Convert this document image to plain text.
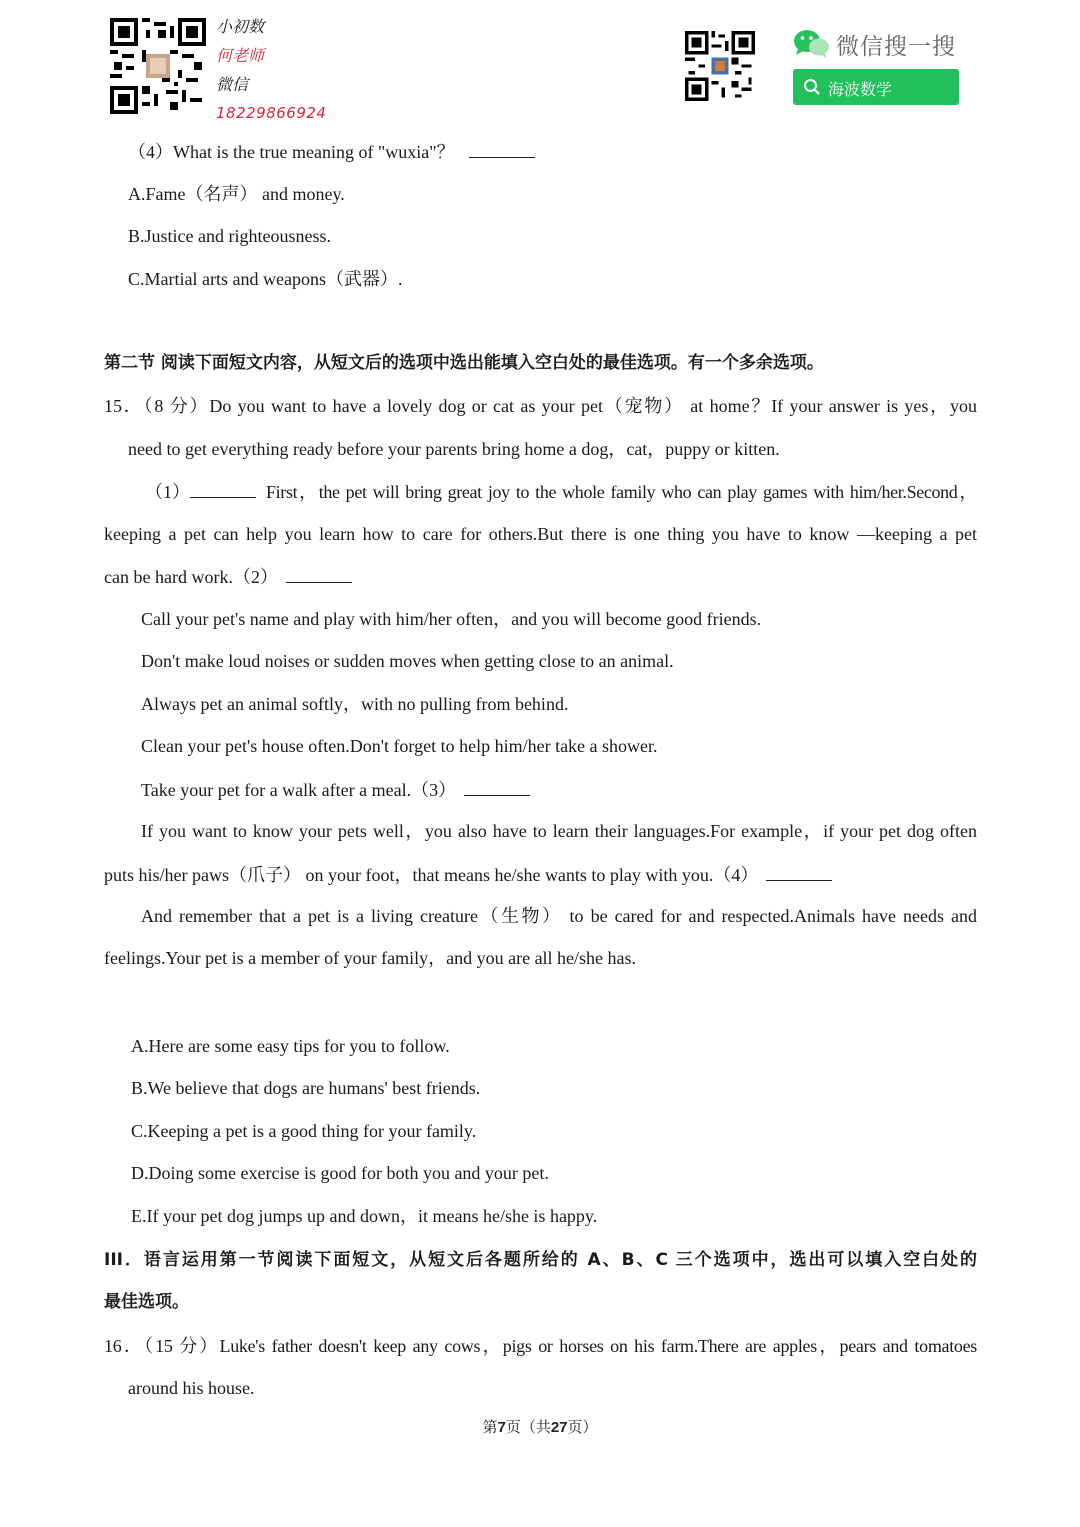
小初数
何老师
微信
18229866924
微信搜一搜
海波数学
（4）What is the true meaning of "wuxia"？
A.Fame（名声） and money.
B.Justice and righteousness.
C.Martial arts and weapons（武器）.
第二节 阅读下面短文内容，从短文后的选项中选出能填入空白处的最佳选项。有一个多余选项。
15．（8 分）Do you want to have a lovely dog or cat as your pet（宠物） at home？If your answer is yes，you
need to get everything ready before your parents bring home a dog，cat，puppy or kitten.
（1）	First，the pet will bring great joy to the whole family who can play games with him/her.Second，
keeping a pet can help you learn how to care for others.But there is one thing you have to know —keeping a pet
can be hard work.（2）
Call your pet's name and play with him/her often，and you will become good friends.
Don't make loud noises or sudden moves when getting close to an animal.
Always pet an animal softly，with no pulling from behind.
Clean your pet's house often.Don't forget to help him/her take a shower.
Take your pet for a walk after a meal.（3）
If you want to know your pets well，you also have to learn their languages.For example，if your pet dog often
puts his/her paws（爪子） on your foot，that means he/she wants to play with you.（4）
And remember that a pet is a living creature（生物） to be cared for and respected.Animals have needs and
feelings.Your pet is a member of your family，and you are all he/she has.
A.Here are some easy tips for you to follow.
B.We believe that dogs are humans' best friends.
C.Keeping a pet is a good thing for your family.
D.Doing some exercise is good for both you and your pet.
E.If your pet dog jumps up and down，it means he/she is happy.
III．语言运用第一节阅读下面短文，从短文后各题所给的 A、B、C 三个选项中，选出可以填入空白处的
最佳选项。
16．（15 分）Luke's father doesn't keep any cows，pigs or horses on his farm.There are apples，pears and tomatoes
around his house.
第7页（共27页）
